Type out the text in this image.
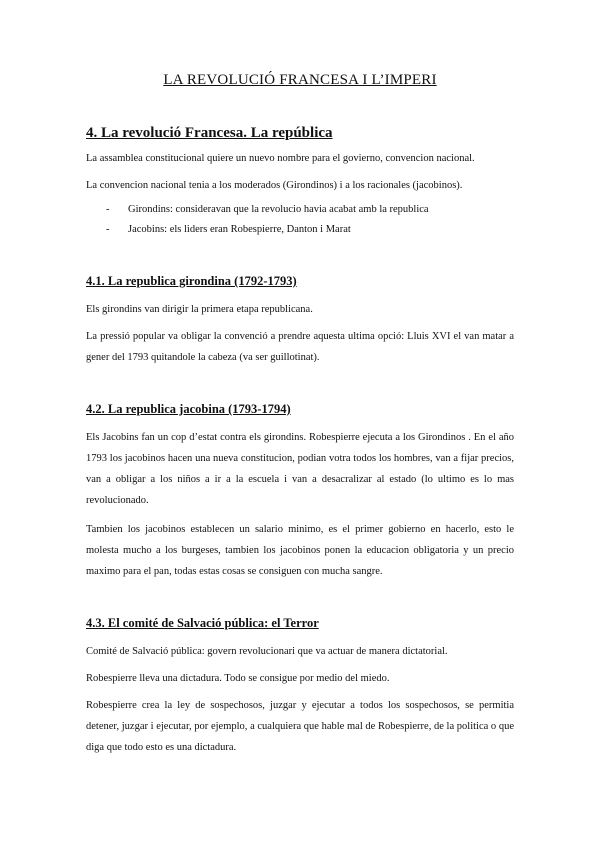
LA REVOLUCIÓ FRANCESA I L’IMPERI
4. La revolució Francesa. La república

La assamblea constitucional quiere un nuevo nombre para el govierno, convencion nacional.

La convencion nacional tenia a los moderados (Girondinos) i a los racionales (jacobinos).

- Girondins: consideravan que la revolucio havia acabat amb la republica
- Jacobins: els liders eran Robespierre, Danton i Marat
4.1. La republica girondina (1792-1793)

Els girondins van dirigir la primera etapa republicana.

La pressió popular va obligar la convenció a prendre aquesta ultima opció: Lluis XVI el van matar a gener del 1793 quitandole la cabeza (va ser guillotinat).

4.2. La republica jacobina (1793-1794)

Els Jacobins fan un cop d’estat contra els girondins. Robespierre ejecuta a los Girondinos . En el año 1793 los jacobinos hacen una nueva constitucion, podian votra todos los hombres, van a fijar precios, van a obligar a los niños a ir a la escuela i van a desacralizar al estado (lo ultimo es lo mas revolucionado.

Tambien los jacobinos establecen un salario minimo, es el primer gobierno en hacerlo, esto le molesta mucho a los burgeses, tambien los jacobinos ponen la educacion obligatoria y un precio maximo para el pan, todas estas cosas se consiguen con mucha sangre.

4.3. El comité de Salvació pública: el Terror

Comité de Salvació pública: govern revolucionari que va actuar de manera dictatorial.

Robespierre lleva una dictadura. Todo se consigue por medio del miedo.

Robespierre crea la ley de sospechosos, juzgar y ejecutar a todos los sospechosos, se permitia detener, juzgar i ejecutar, por ejemplo, a cualquiera que hable mal de Robespierre, de la politica o que diga que todo esto es una dictadura.
